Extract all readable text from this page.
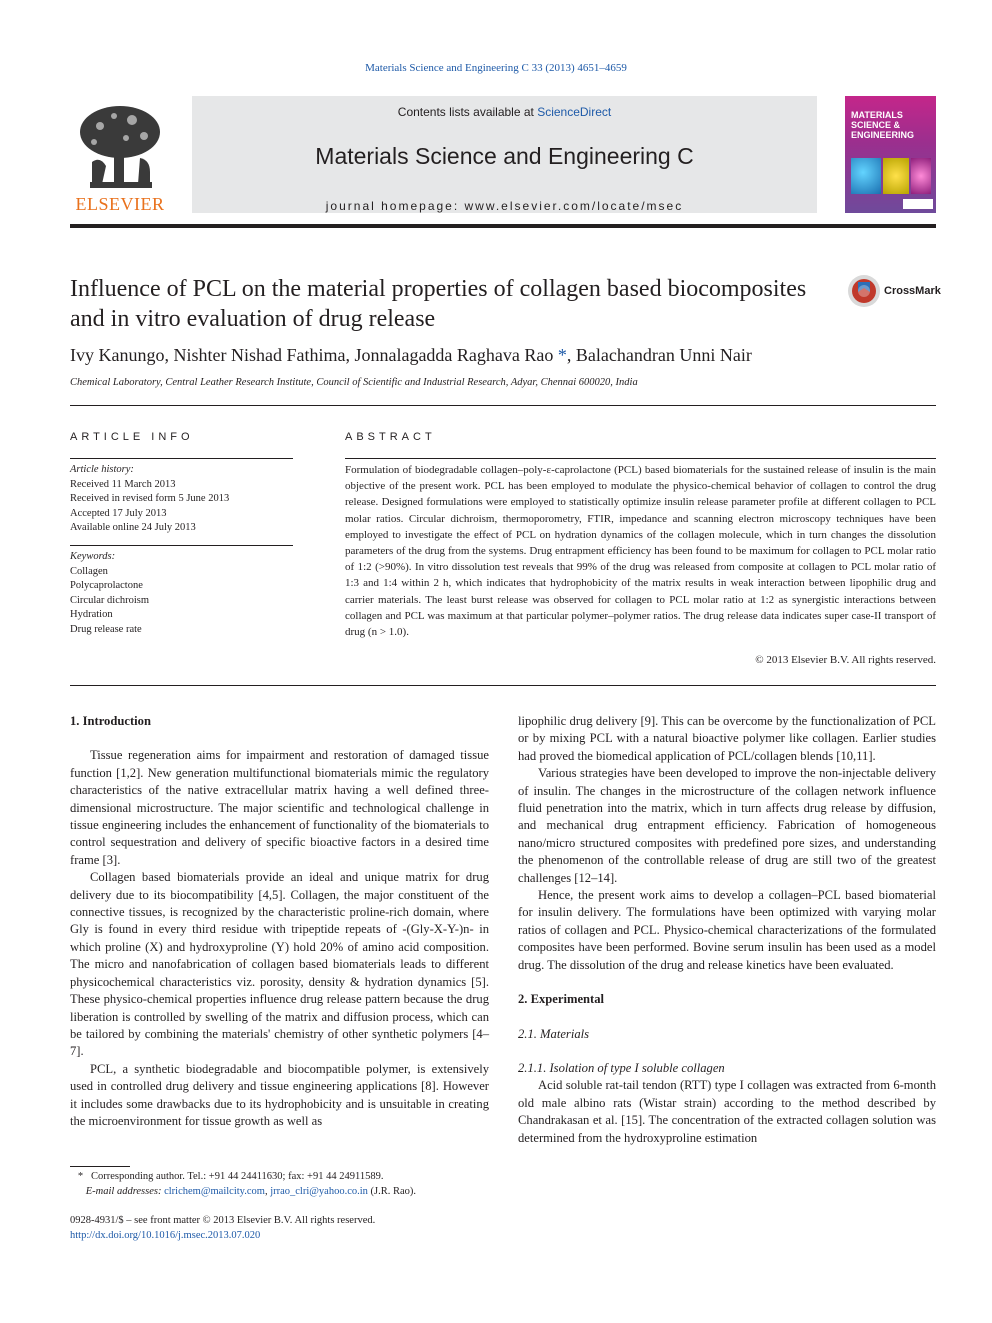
Materials Science and Engineering C 33 (2013) 4651–4659
ELSEVIER
Contents lists available at ScienceDirect
Materials Science and Engineering C
journal homepage: www.elsevier.com/locate/msec
MATERIALS SCIENCE & ENGINEERING
Influence of PCL on the material properties of collagen based biocomposites
and in vitro evaluation of drug release
CrossMark
Ivy Kanungo, Nishter Nishad Fathima, Jonnalagadda Raghava Rao *, Balachandran Unni Nair
Chemical Laboratory, Central Leather Research Institute, Council of Scientific and Industrial Research, Adyar, Chennai 600020, India
ARTICLE INFO
Article history:
Received 11 March 2013
Received in revised form 5 June 2013
Accepted 17 July 2013
Available online 24 July 2013
Keywords:
Collagen
Polycaprolactone
Circular dichroism
Hydration
Drug release rate
ABSTRACT
Formulation of biodegradable collagen–poly-ε-caprolactone (PCL) based biomaterials for the sustained release of insulin is the main objective of the present work. PCL has been employed to modulate the physico-chemical behavior of collagen to control the drug release. Designed formulations were employed to statistically optimize insulin release parameter profile at different collagen to PCL molar ratios. Circular dichroism, thermoporometry, FTIR, impedance and scanning electron microscopy techniques have been employed to investigate the effect of PCL on hydration dynamics of the collagen molecule, which in turn changes the dissolution parameters of the drug from the systems. Drug entrapment efficiency has been found to be maximum for collagen to PCL molar ratio of 1:2 (>90%). In vitro dissolution test reveals that 99% of the drug was released from composite at collagen to PCL molar ratio of 1:3 and 1:4 within 2 h, which indicates that hydrophobicity of the matrix results in weak interaction between lipophilic drug and carrier materials. The least burst release was observed for collagen to PCL molar ratio at 1:2 as synergistic interactions between collagen and PCL was maximum at that particular polymer–polymer ratios. The drug release data indicates super case-II transport of drug (n > 1.0).
© 2013 Elsevier B.V. All rights reserved.
1. Introduction

Tissue regeneration aims for impairment and restoration of damaged tissue function [1,2]. New generation multifunctional biomaterials mimic the regulatory characteristics of the native extracellular matrix having a well defined three-dimensional microstructure. The major scientific and technological challenge in tissue engineering includes the enhancement of functionality of the biomaterials to control sequestration and delivery of specific bioactive factors in a desired time frame [3].

Collagen based biomaterials provide an ideal and unique matrix for drug delivery due to its biocompatibility [4,5]. Collagen, the major constituent of the connective tissues, is recognized by the characteristic proline-rich domain, where Gly is found in every third residue with tripeptide repeats of -(Gly-X-Y-)n- in which proline (X) and hydroxyproline (Y) hold 20% of amino acid composition. The micro and nanofabrication of collagen based biomaterials leads to different physicochemical characteristics viz. porosity, density & hydration dynamics [5]. These physico-chemical properties influence drug release pattern because the drug liberation is controlled by swelling of the matrix and diffusion process, which can be tailored by combining the materials' chemistry of other synthetic polymers [4–7].

PCL, a synthetic biodegradable and biocompatible polymer, is extensively used in controlled drug delivery and tissue engineering applications [8]. However it includes some drawbacks due to its hydrophobicity and is unsuitable in creating the microenvironment for tissue growth as well as

lipophilic drug delivery [9]. This can be overcome by the functionalization of PCL or by mixing PCL with a natural bioactive polymer like collagen. Earlier studies had proved the biomedical application of PCL/collagen blends [10,11].

Various strategies have been developed to improve the non-injectable delivery of insulin. The changes in the microstructure of the collagen network influence fluid penetration into the matrix, which in turn affects drug release by diffusion, and mechanical drug entrapment efficiency. Fabrication of homogeneous nano/micro structured composites with predefined pore sizes, and understanding the phenomenon of the controllable release of drug are still two of the greatest challenges [12–14].

Hence, the present work aims to develop a collagen–PCL based biomaterial for insulin delivery. The formulations have been optimized with varying molar ratios of collagen and PCL. Physico-chemical characterizations of the formulated composites have been performed. Bovine serum insulin has been used as a model drug. The dissolution of the drug and release kinetics have been evaluated.

2. Experimental
2.1. Materials
2.1.1. Isolation of type I soluble collagen

Acid soluble rat-tail tendon (RTT) type I collagen was extracted from 6-month old male albino rats (Wistar strain) according to the method described by Chandrakasan et al. [15]. The concentration of the extracted collagen solution was determined from the hydroxyproline estimation

* Corresponding author. Tel.: +91 44 24411630; fax: +91 44 24911589.
E-mail addresses: clrichem@mailcity.com, jrrao_clri@yahoo.co.in (J.R. Rao).
0928-4931/$ – see front matter © 2013 Elsevier B.V. All rights reserved.
http://dx.doi.org/10.1016/j.msec.2013.07.020
